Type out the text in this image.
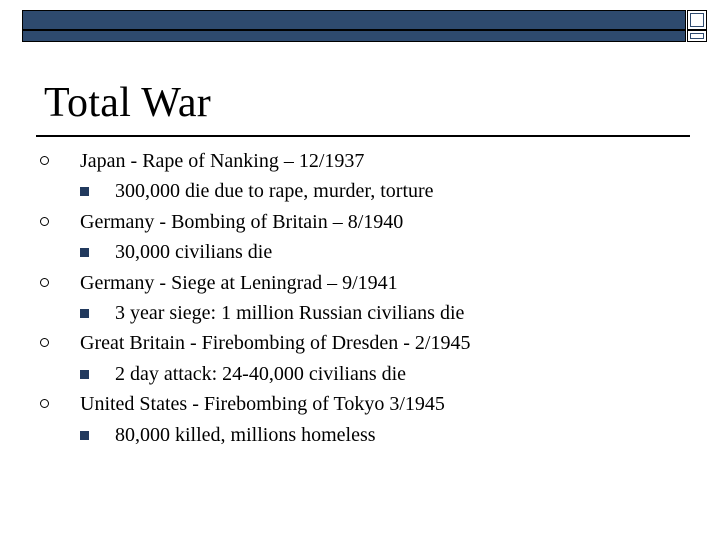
Total War
Japan - Rape of Nanking – 12/1937
300,000 die due to rape, murder, torture
Germany - Bombing of Britain – 8/1940
30,000 civilians die
Germany - Siege at Leningrad – 9/1941
3 year siege: 1 million Russian civilians die
Great Britain - Firebombing of Dresden - 2/1945
2 day attack: 24-40,000 civilians die
United States - Firebombing of Tokyo 3/1945
80,000 killed, millions homeless
